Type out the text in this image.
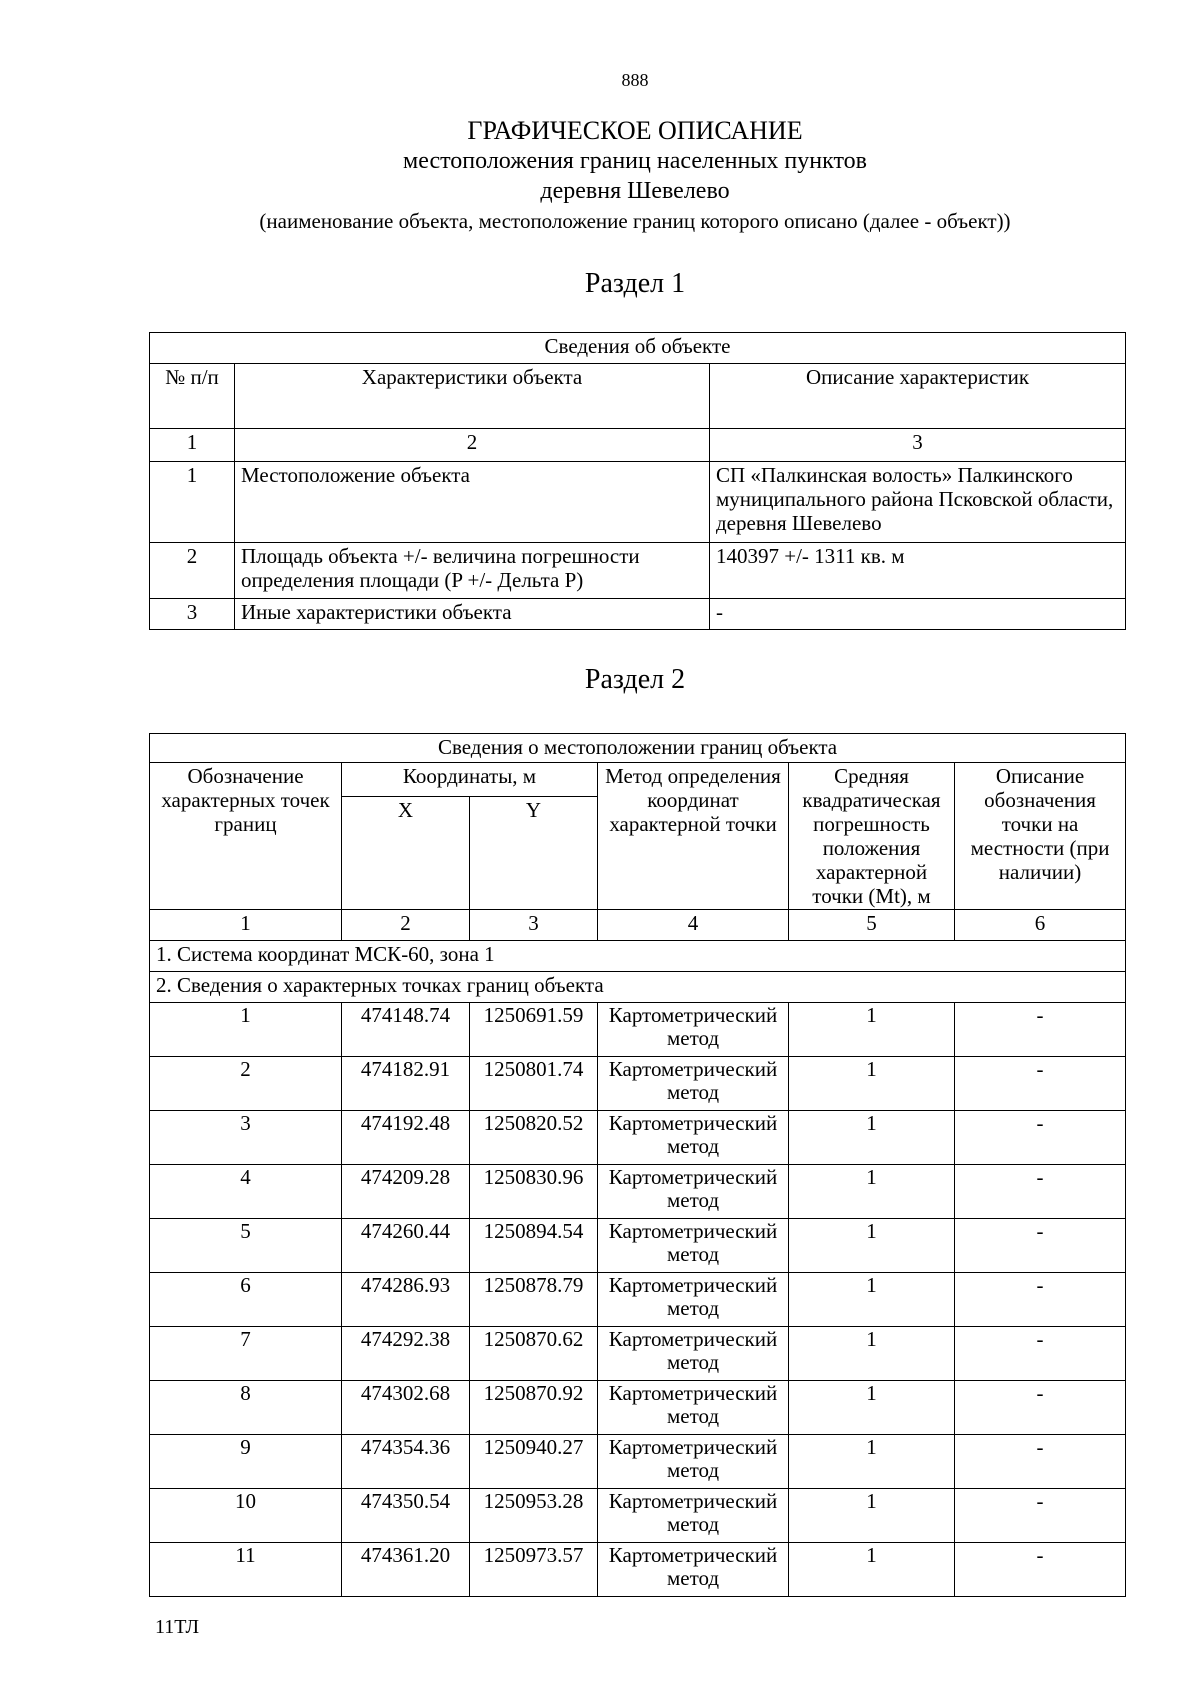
888
ГРАФИЧЕСКОЕ ОПИСАНИЕ
местоположения границ населенных пунктов
деревня Шевелево
(наименование объекта, местоположение границ которого описано (далее - объект))
Раздел 1
Сведения об объекте		
№ п/п	Характеристики объекта	Описание характеристик
1	2	3
1	Местоположение объекта	СП «Палкинская волость» Палкинского муниципального района Псковской области, деревня Шевелево
2	Площадь объекта +/- величина погрешности определения площади (P +/- Дельта P)	140397 +/- 1311 кв. м
3	Иные характеристики объекта	-
Раздел 2
Сведения о местоположении границ объекта					
Обозначение характерных точек границ	Координаты, м		Метод определения координат характерной точки	Средняя квадратическая погрешность положения характерной точки (Mt), м	Описание обозначения точки на местности (при наличии)
	X	Y			
1	2	3	4	5	6
1. Система координат МСК-60, зона 1					
2. Сведения о характерных точках границ объекта					
1	474148.74	1250691.59	Картометрический метод	1	-
2	474182.91	1250801.74	Картометрический метод	1	-
3	474192.48	1250820.52	Картометрический метод	1	-
4	474209.28	1250830.96	Картометрический метод	1	-
5	474260.44	1250894.54	Картометрический метод	1	-
6	474286.93	1250878.79	Картометрический метод	1	-
7	474292.38	1250870.62	Картометрический метод	1	-
8	474302.68	1250870.92	Картометрический метод	1	-
9	474354.36	1250940.27	Картометрический метод	1	-
10	474350.54	1250953.28	Картометрический метод	1	-
11	474361.20	1250973.57	Картометрический метод	1	-
11ТЛ
